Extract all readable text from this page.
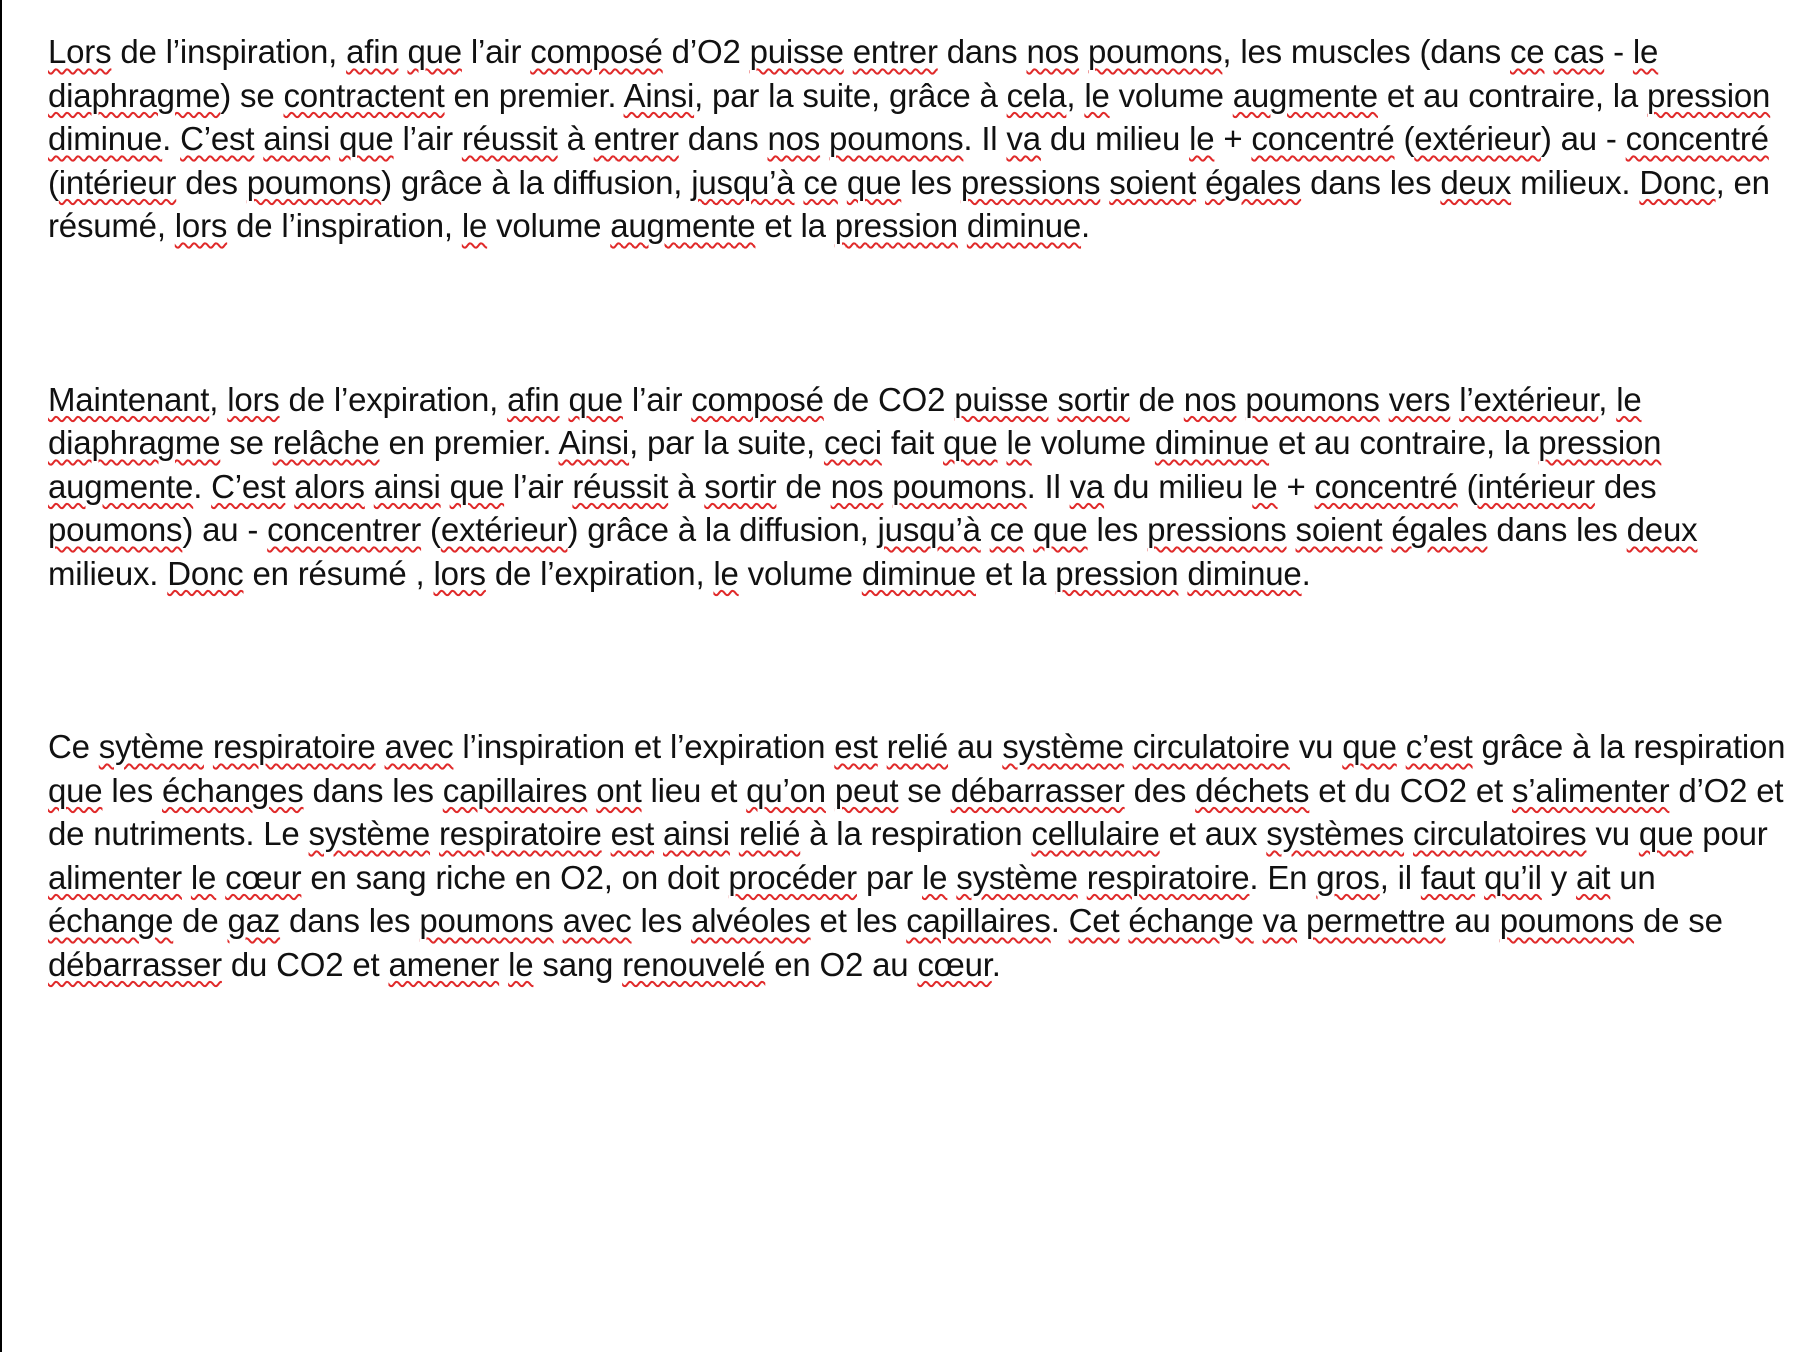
Lors de l’inspiration, afin que l’air composé d’O2 puisse entrer dans nos poumons, les muscles (dans ce cas - le diaphragme) se contractent en premier. Ainsi, par la suite, grâce à cela, le volume augmente et au contraire, la pression diminue. C’est ainsi que l’air réussit à entrer dans nos poumons. Il va du milieu le + concentré (extérieur) au - concentré (intérieur des poumons) grâce à la diffusion, jusqu’à ce que les pressions soient égales dans les deux milieux. Donc, en résumé, lors de l’inspiration, le volume augmente et la pression diminue.

Maintenant, lors de l’expiration, afin que l’air composé de CO2 puisse sortir de nos poumons vers l’extérieur, le diaphragme se relâche en premier. Ainsi, par la suite, ceci fait que le volume diminue et au contraire, la pression augmente. C’est alors ainsi que l’air réussit à sortir de nos poumons. Il va du milieu le + concentré (intérieur des poumons) au - concentrer (extérieur) grâce à la diffusion, jusqu’à ce que les pressions soient égales dans les deux milieux. Donc en résumé , lors de l’expiration, le volume diminue et la pression diminue.

Ce sytème respiratoire avec l’inspiration et l’expiration est relié au système circulatoire vu que c’est grâce à la respiration que les échanges dans les capillaires ont lieu et qu’on peut se débarrasser des déchets et du CO2 et s’alimenter d’O2 et de nutriments. Le système respiratoire est ainsi relié à la respiration cellulaire et aux systèmes circulatoires vu que pour alimenter le cœur en sang riche en O2, on doit procéder par le système respiratoire. En gros, il faut qu’il y ait un échange de gaz dans les poumons avec les alvéoles et les capillaires. Cet échange va permettre au poumons de se débarrasser du CO2 et amener le sang renouvelé en O2 au cœur.
